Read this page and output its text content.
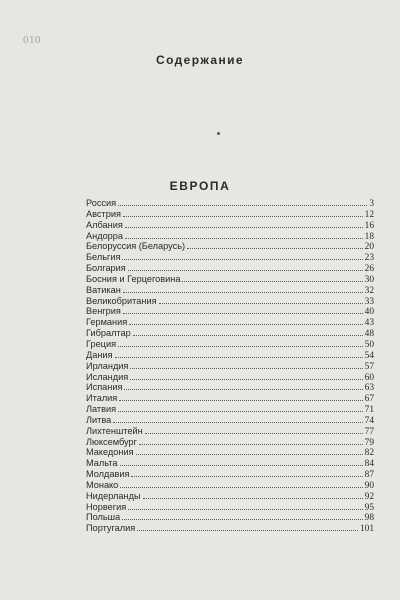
010
Содержание
ЕВРОПА
Россия	3
Австрия	12
Албания	16
Андорра	18
Белоруссия (Беларусь)	20
Бельгия	23
Болгария	26
Босния и Герцеговина	30
Ватикан	32
Великобритания	33
Венгрия	40
Германия	43
Гибралтар	48
Греция	50
Дания	54
Ирландия	57
Исландия	60
Испания	63
Италия	67
Латвия	71
Литва	74
Лихтенштейн	77
Люксембург	79
Македония	82
Мальта	84
Молдавия	87
Монако	90
Нидерланды	92
Норвегия	95
Польша	98
Португалия	101
